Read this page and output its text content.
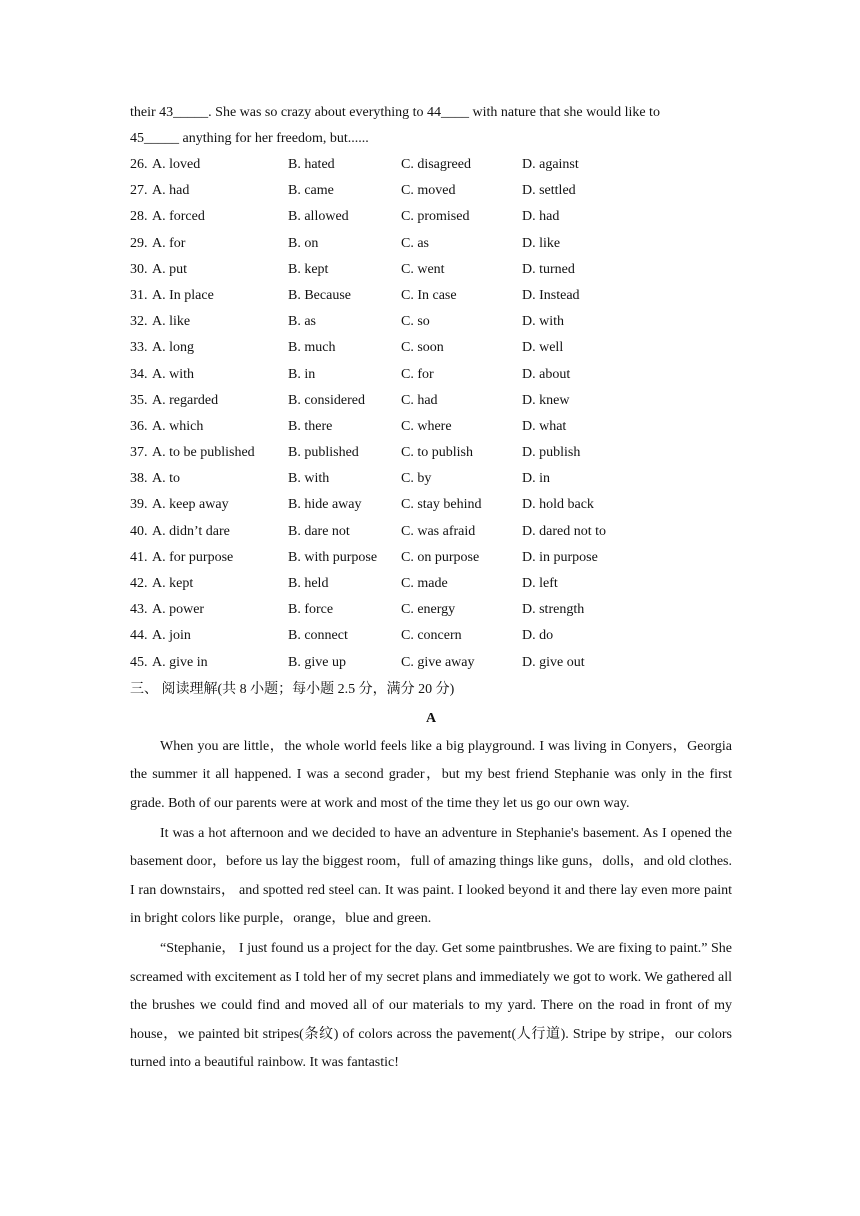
their 43_____. She was so crazy about everything to 44____ with nature that she would like to
45_____ anything for her freedom, but......
26. A. loved	B. hated	C. disagreed	D. against
27. A. had	B. came	C. moved	D. settled
28. A. forced	B. allowed	C. promised	D. had
29. A. for	B. on	C. as	D. like
30. A. put	B. kept	C. went	D. turned
31. A. In place	B. Because	C. In case	D. Instead
32. A. like	B. as	C. so	D. with
33. A. long	B. much	C. soon	D. well
34. A. with	B. in	C. for	D. about
35. A. regarded	B. considered	C. had	D. knew
36. A. which	B. there	C. where	D. what
37. A. to be published B. published	C. to publish	D. publish
38. A. to	B. with	C. by	D. in
39. A. keep away	B. hide away	C. stay behind	D. hold back
40. A. didn’t dare	B. dare not	C. was afraid	D. dared not to
41. A. for purpose	B. with purpose C. on purpose	D. in purpose
42. A. kept	B. held	C. made	D. left
43. A. power	B. force	C. energy	D. strength
44. A. join	B. connect	C. concern	D. do
45. A. give in	B. give up	C. give away	D. give out
三、 阅读理解(共 8 小题；每小题 2.5 分，满分 20 分)
A

When you are little，the whole world feels like a big playground. I was living in Conyers，Georgia the summer it all happened. I was a second grader，but my best friend Stephanie was only in the first grade. Both of our parents were at work and most of the time they let us go our own way.

It was a hot afternoon and we decided to have an adventure in Stephanie's basement. As I opened the basement door，before us lay the biggest room，full of amazing things like guns，dolls，and old clothes. I ran downstairs， and spotted red steel can. It was paint. I looked beyond it and there lay even more paint in bright colors like purple，orange，blue and green.

“Stephanie， I just found us a project for the day. Get some paintbrushes. We are fixing to paint.” She screamed with excitement as I told her of my secret plans and immediately we got to work. We gathered all the brushes we could find and moved all of our materials to my yard. There on the road in front of my house，we painted bit stripes(条纹) of colors across the pavement(人行道). Stripe by stripe，our colors turned into a beautiful rainbow. It was fantastic!
